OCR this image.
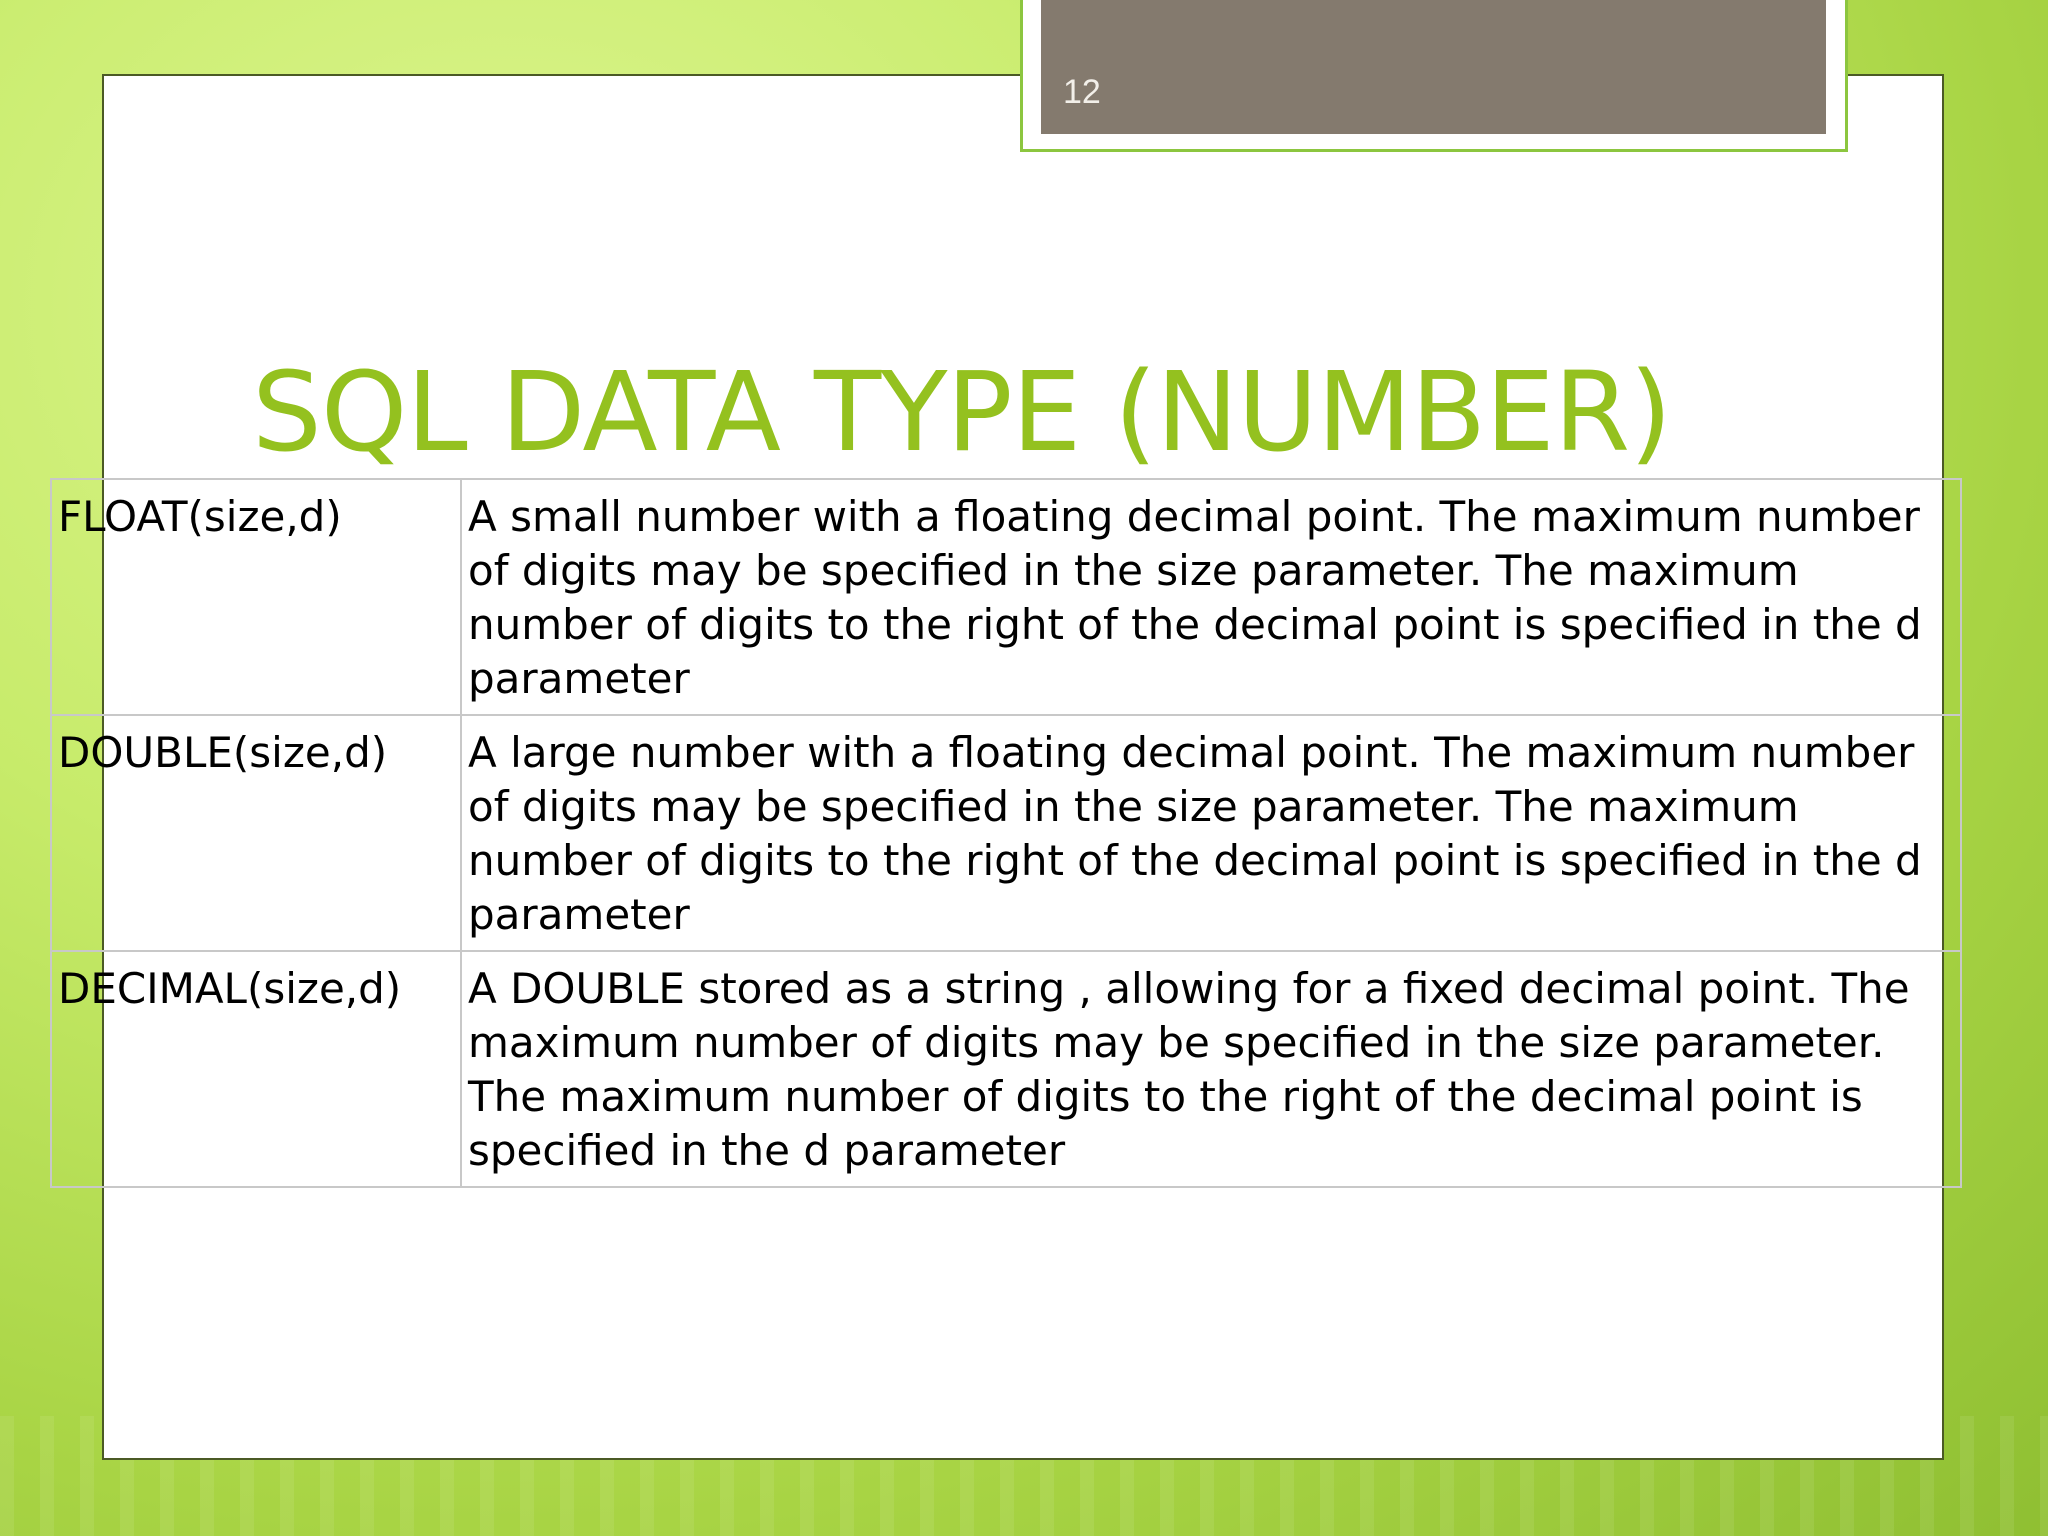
12
SQL DATA TYPE (NUMBER)
FLOAT(size,d)	A small number with a floating decimal point. The maximum number of digits may be specified in the size parameter. The maximum number of digits to the right of the decimal point is specified in the d parameter
DOUBLE(size,d)	A large number with a floating decimal point. The maximum number of digits may be specified in the size parameter. The maximum number of digits to the right of the decimal point is specified in the d parameter
DECIMAL(size,d)	A DOUBLE stored as a string , allowing for a fixed decimal point. The maximum number of digits may be specified in the size parameter. The maximum number of digits to the right of the decimal point is specified in the d parameter
